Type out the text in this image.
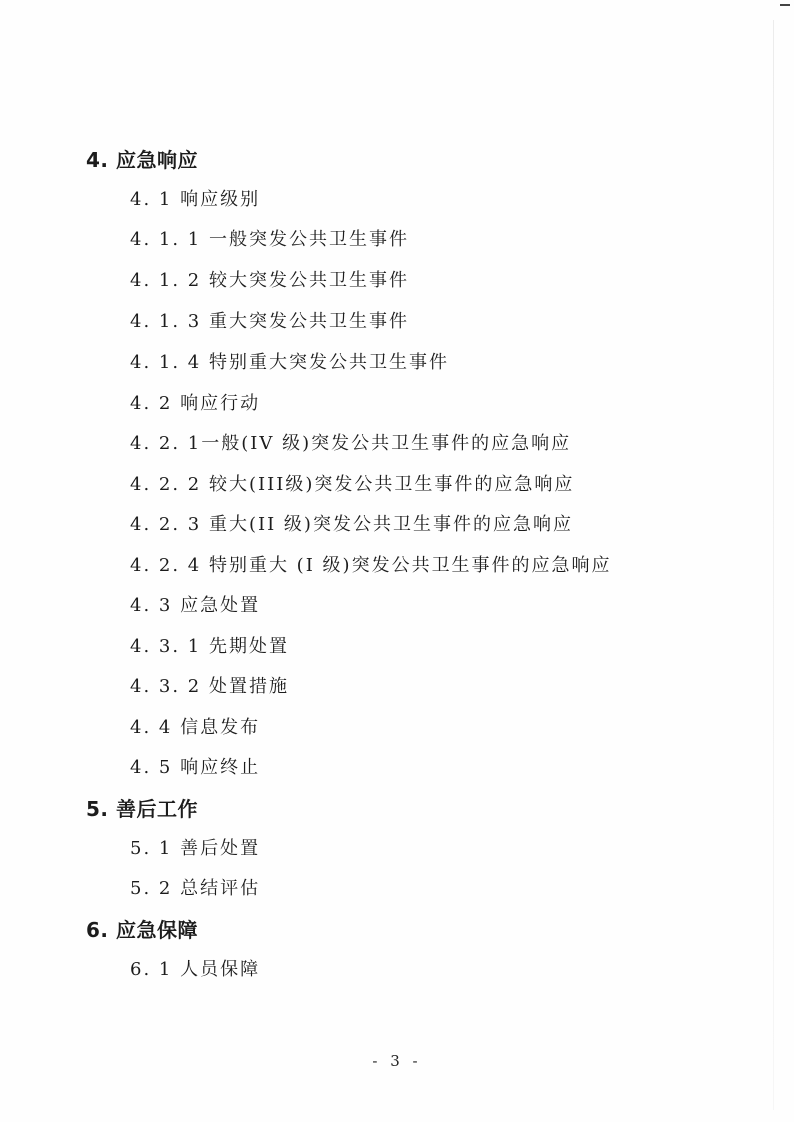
4. 应急响应
4. 1 响应级别
4. 1. 1 一般突发公共卫生事件
4. 1. 2 较大突发公共卫生事件
4. 1. 3 重大突发公共卫生事件
4. 1. 4 特别重大突发公共卫生事件
4. 2 响应行动
4. 2. 1一般(IV 级)突发公共卫生事件的应急响应
4. 2. 2 较大(III级)突发公共卫生事件的应急响应
4. 2. 3 重大(II 级)突发公共卫生事件的应急响应
4. 2. 4 特别重大 (I 级)突发公共卫生事件的应急响应
4. 3 应急处置
4. 3. 1 先期处置
4. 3. 2 处置措施
4. 4 信息发布
4. 5 响应终止
5. 善后工作
5. 1 善后处置
5. 2 总结评估
6. 应急保障
6. 1 人员保障
- 3 -
